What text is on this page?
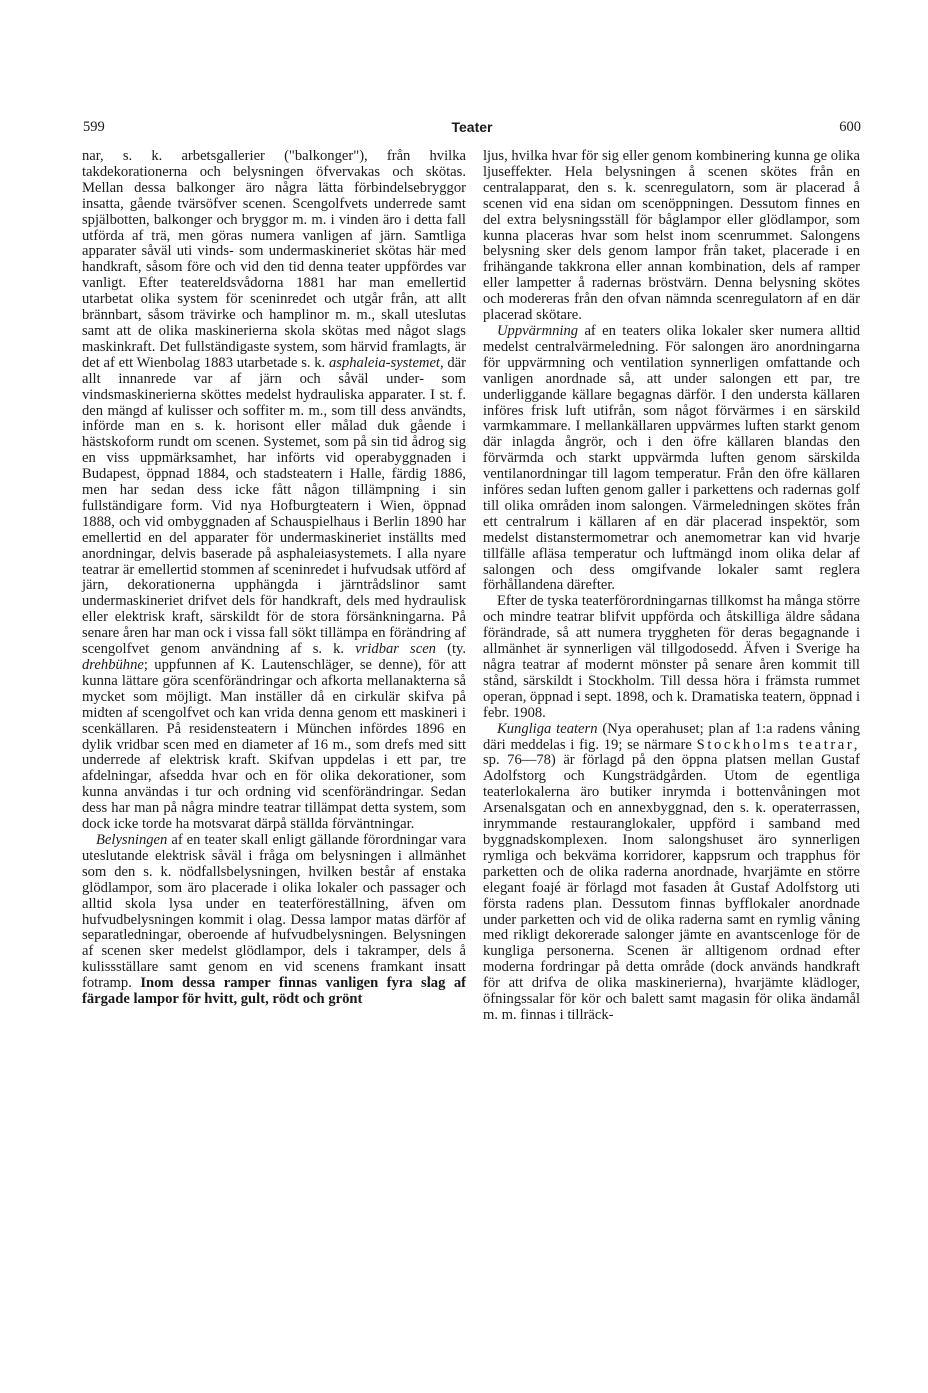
599	Teater	600

nar, s. k. arbetsgallerier ("balkonger"), från hvilka takdekorationerna och belysningen öfvervakas och skötas. Mellan dessa balkonger äro några lätta förbindelsebryggor insatta, gående tvärsöfver scenen. Scengolfvets underrede samt spjälbotten, balkonger och bryggor m. m. i vinden äro i detta fall utförda af trä, men göras numera vanligen af järn. Samtliga apparater såväl uti vinds- som undermaskineriet skötas här med handkraft, såsom före och vid den tid denna teater uppfördes var vanligt. Efter teatereldsvådorna 1881 har man emellertid utarbetat olika system för sceninredet och utgår från, att allt brännbart, såsom trävirke och hamplinor m. m., skall uteslutas samt att de olika maskinerierna skola skötas med något slags maskinkraft. Det fullständigaste system, som härvid framlagts, är det af ett Wienbolag 1883 utarbetade s. k. asphaleia-systemet, där allt innanrede var af järn och såväl under- som vindsmaskinerierna sköttes medelst hydrauliska apparater. I st. f. den mängd af kulisser och soffiter m. m., som till dess användts, införde man en s. k. horisont eller målad duk gående i hästskoform rundt om scenen. Systemet, som på sin tid ådrog sig en viss uppmärksamhet, har införts vid operabyggnaden i Budapest, öppnad 1884, och stadsteatern i Halle, färdig 1886, men har sedan dess icke fått någon tillämpning i sin fullständigare form. Vid nya Hofburgteatern i Wien, öppnad 1888, och vid ombyggnaden af Schauspielhaus i Berlin 1890 har emellertid en del apparater för undermaskineriet inställts med anordningar, delvis baserade på asphaleiasystemets. I alla nyare teatrar är emellertid stommen af sceninredet i hufvudsak utförd af järn, dekorationerna upphängda i järntrådslinor samt undermaskineriet drifvet dels för handkraft, dels med hydraulisk eller elektrisk kraft, särskildt för de stora försänkningarna. På senare åren har man ock i vissa fall sökt tillämpa en förändring af scengolfvet genom användning af s. k. vridbar scen (ty. drehbühne; uppfunnen af K. Lautenschläger, se denne), för att kunna lättare göra scenförändringar och afkorta mellanakterna så mycket som möjligt. Man inställer då en cirkulär skifva på midten af scengolfvet och kan vrida denna genom ett maskineri i scenkällaren. På residensteatern i München infördes 1896 en dylik vridbar scen med en diameter af 16 m., som drefs med sitt underrede af elektrisk kraft. Skifvan uppdelas i ett par, tre afdelningar, afsedda hvar och en för olika dekorationer, som kunna användas i tur och ordning vid scenförändringar. Sedan dess har man på några mindre teatrar tillämpat detta system, som dock icke torde ha motsvarat därpå ställda förväntningar.

Belysningen af en teater skall enligt gällande förordningar vara uteslutande elektrisk såväl i fråga om belysningen i allmänhet som den s. k. nödfallsbelysningen, hvilken består af enstaka glödlampor, som äro placerade i olika lokaler och passager och alltid skola lysa under en teaterföreställning, äfven om hufvudbelysningen kommit i olag. Dessa lampor matas därför af separatledningar, oberoende af hufvudbelysningen. Belysningen af scenen sker medelst glödlampor, dels i takramper, dels å kulissställare samt genom en vid scenens framkant insatt fotramp. Inom dessa ramper finnas vanligen fyra slag af färgade lampor för hvitt, gult, rödt och grönt

ljus, hvilka hvar för sig eller genom kombinering kunna ge olika ljuseffekter. Hela belysningen å scenen skötes från en centralapparat, den s. k. scenregulatorn, som är placerad å scenen vid ena sidan om scenöppningen. Dessutom finnes en del extra belysningsställ för båglampor eller glödlampor, som kunna placeras hvar som helst inom scenrummet. Salongens belysning sker dels genom lampor från taket, placerade i en frihängande takkrona eller annan kombination, dels af ramper eller lampetter å radernas bröstvärn. Denna belysning skötes och modereras från den ofvan nämnda scenregulatorn af en där placerad skötare.

Uppvärmning af en teaters olika lokaler sker numera alltid medelst centralvärmeledning. För salongen äro anordningarna för uppvärmning och ventilation synnerligen omfattande och vanligen anordnade så, att under salongen ett par, tre underliggande källare begagnas därför. I den understa källaren införes frisk luft utifrån, som något förvärmes i en särskild varmkammare. I mellankällaren uppvärmes luften starkt genom där inlagda ångrör, och i den öfre källaren blandas den förvärmda och starkt uppvärmda luften genom särskilda ventilanordningar till lagom temperatur. Från den öfre källaren införes sedan luften genom galler i parkettens och radernas golf till olika områden inom salongen. Värmeledningen skötes från ett centralrum i källaren af en där placerad inspektör, som medelst distanstermometrar och anemometrar kan vid hvarje tillfälle afläsa temperatur och luftmängd inom olika delar af salongen och dess omgifvande lokaler samt reglera förhållandena därefter.

Efter de tyska teaterförordningarnas tillkomst ha många större och mindre teatrar blifvit uppförda och åtskilliga äldre sådana förändrade, så att numera tryggheten för deras begagnande i allmänhet är synnerligen väl tillgodosedd. Äfven i Sverige ha några teatrar af modernt mönster på senare åren kommit till stånd, särskildt i Stockholm. Till dessa höra i främsta rummet operan, öppnad i sept. 1898, och k. Dramatiska teatern, öppnad i febr. 1908.

Kungliga teatern (Nya operahuset; plan af 1:a radens våning däri meddelas i fig. 19; se närmare Stockholms teatrar, sp. 76—78) är förlagd på den öppna platsen mellan Gustaf Adolfstorg och Kungsträdgården. Utom de egentliga teaterlokalerna äro butiker inrymda i bottenvåningen mot Arsenalsgatan och en annexbyggnad, den s. k. operaterrassen, inrymmande restauranglokaler, uppförd i samband med byggnadskomplexen. Inom salongshuset äro synnerligen rymliga och bekväma korridorer, kappsrum och trapphus för parketten och de olika raderna anordnade, hvarjämte en större elegant foajé är förlagd mot fasaden åt Gustaf Adolfstorg uti första radens plan. Dessutom finnas byfflokaler anordnade under parketten och vid de olika raderna samt en rymlig våning med rikligt dekorerade salonger jämte en avantscenloge för de kungliga personerna. Scenen är alltigenom ordnad efter moderna fordringar på detta område (dock används handkraft för att drifva de olika maskinerierna), hvarjämte klädloger, öfningssalar för kör och balett samt magasin för olika ändamål m. m. finnas i tillräck-
